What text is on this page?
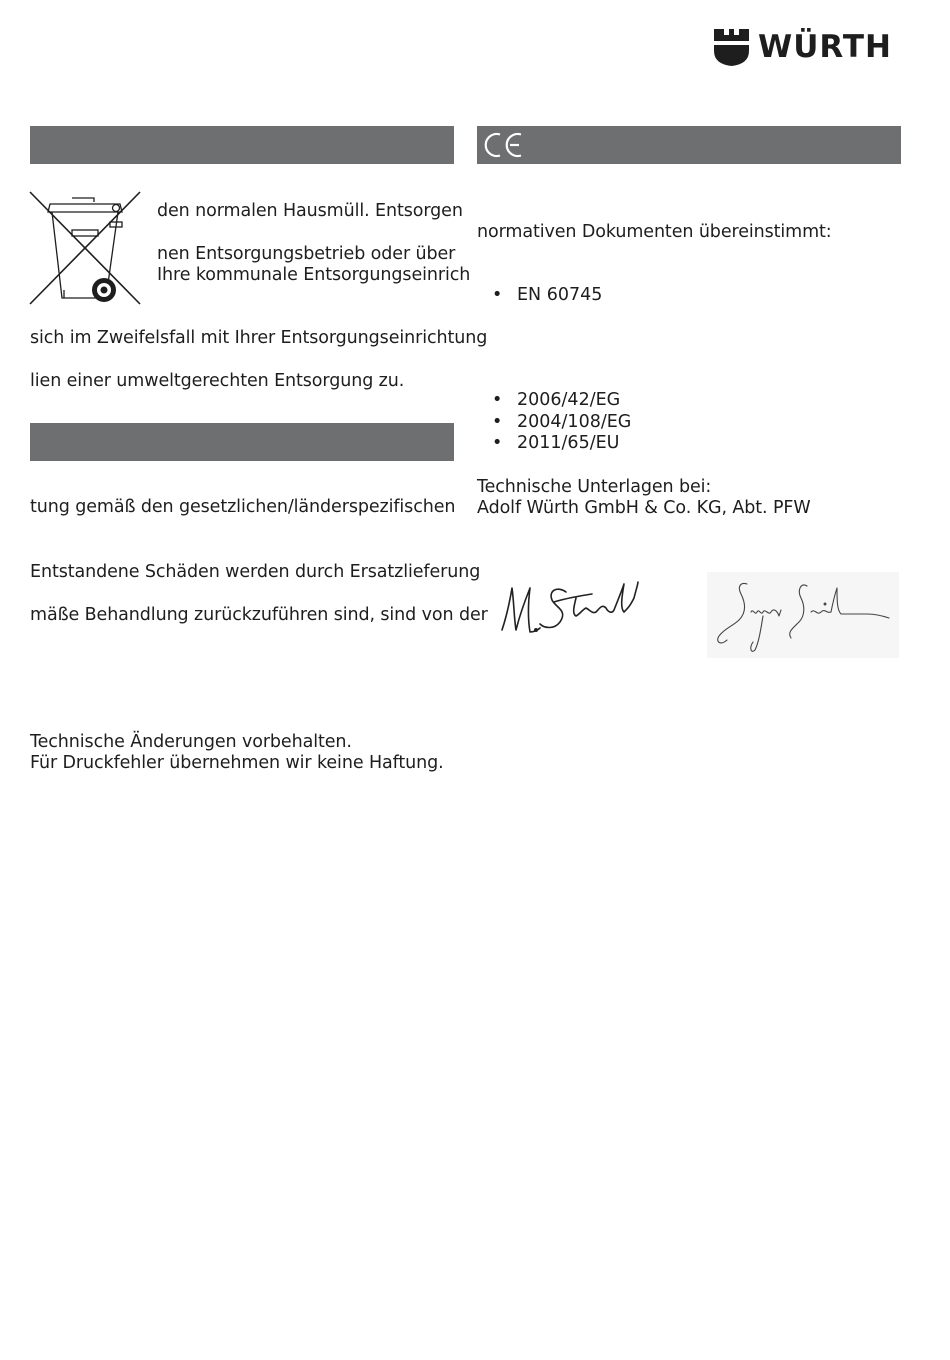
WÜRTH
den normalen Hausmüll. Entsorgen
nen Entsorgungsbetrieb oder über
Ihre kommunale Entsorgungseinrich
sich im Zweifelsfall mit Ihrer Entsorgungseinrichtung
lien einer umweltgerechten Entsorgung zu.
tung gemäß den gesetzlichen/länderspezifischen
Entstandene Schäden werden durch Ersatzlieferung
mäße Behandlung zurückzuführen sind, sind von der
Technische Änderungen vorbehalten.
Für Druckfehler übernehmen wir keine Haftung.
normativen Dokumenten übereinstimmt:
• EN 60745
• 2006/42/EG
• 2004/108/EG
• 2011/65/EU
Technische Unterlagen bei:
Adolf Würth GmbH & Co. KG, Abt. PFW
